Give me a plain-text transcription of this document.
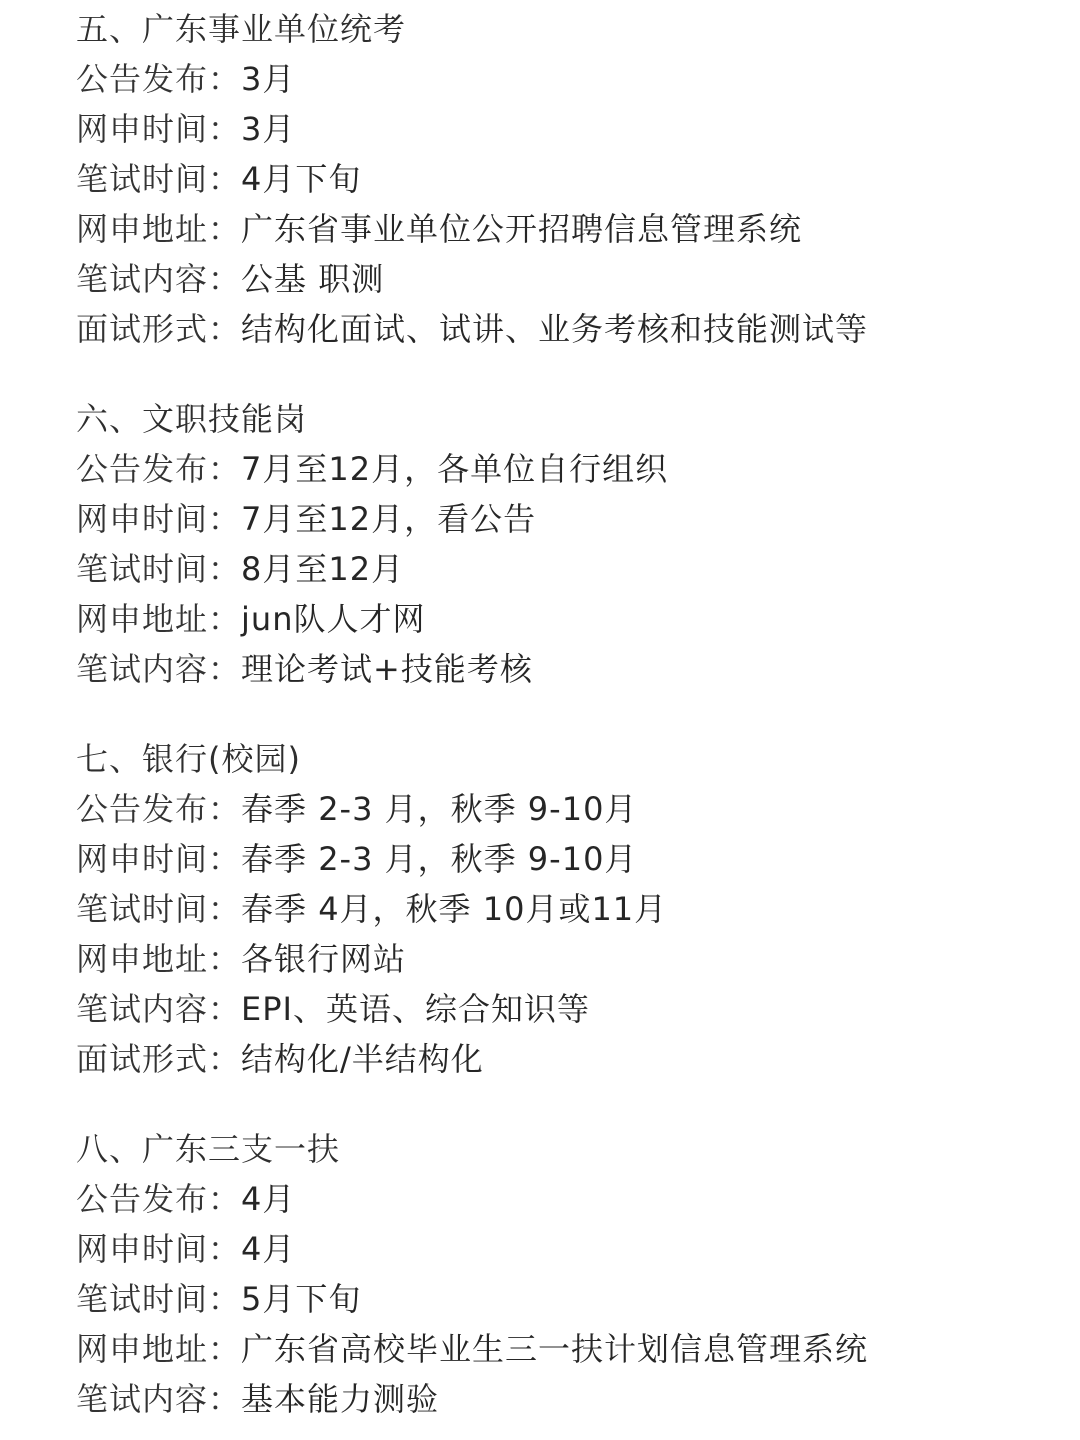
五、广东事业单位统考
公告发布：3月
网申时间：3月
笔试时间：4月下旬
网申地址：广东省事业单位公开招聘信息管理系统
笔试内容：公基 职测
面试形式：结构化面试、试讲、业务考核和技能测试等
六、文职技能岗
公告发布：7月至12月，各单位自行组织
网申时间：7月至12月，看公告
笔试时间：8月至12月
网申地址：jun队人才网
笔试内容：理论考试+技能考核
七、银行(校园)
公告发布：春季 2-3 月，秋季 9-10月
网申时间：春季 2-3 月，秋季 9-10月
笔试时间：春季 4月，秋季 10月或11月
网申地址：各银行网站
笔试内容：EPI、英语、综合知识等
面试形式：结构化/半结构化
八、广东三支一扶
公告发布：4月
网申时间：4月
笔试时间：5月下旬
网申地址：广东省高校毕业生三一扶计划信息管理系统
笔试内容：基本能力测验
